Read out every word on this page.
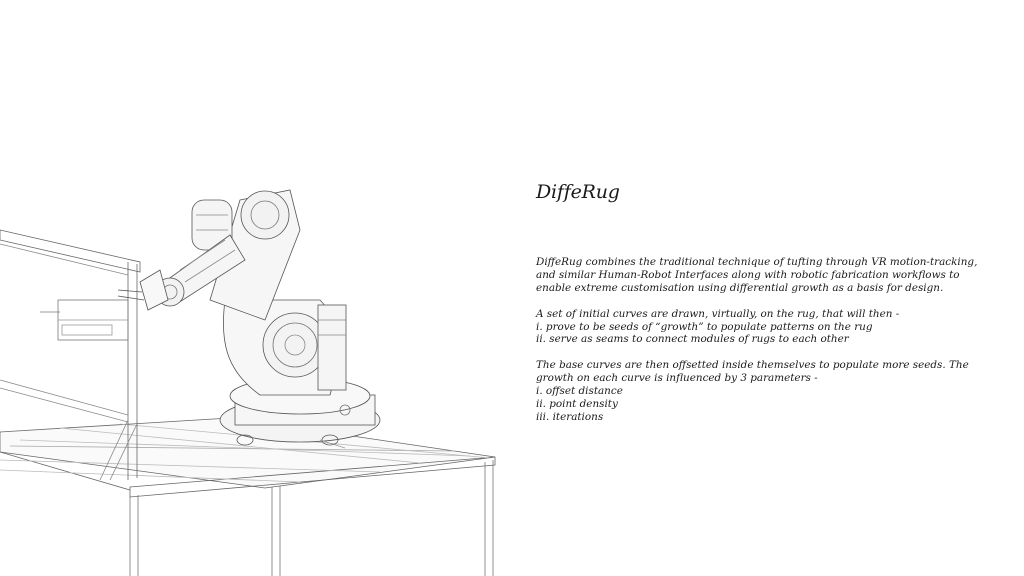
DiffeRug
DiffeRug combines the traditional technique of tufting through VR motion-tracking,
and similar Human-Robot Interfaces along with robotic fabrication workflows to
enable extreme customisation using differential growth as a basis for design.
A set of initial curves are drawn, virtually, on the rug, that will then -
i. prove to be seeds of “growth” to populate patterns on the rug
ii. serve as seams to connect modules of rugs to each other
The base curves are then offsetted inside themselves to populate more seeds. The
growth on each curve is influenced by 3 parameters -
i. offset distance
ii. point density
iii. iterations
